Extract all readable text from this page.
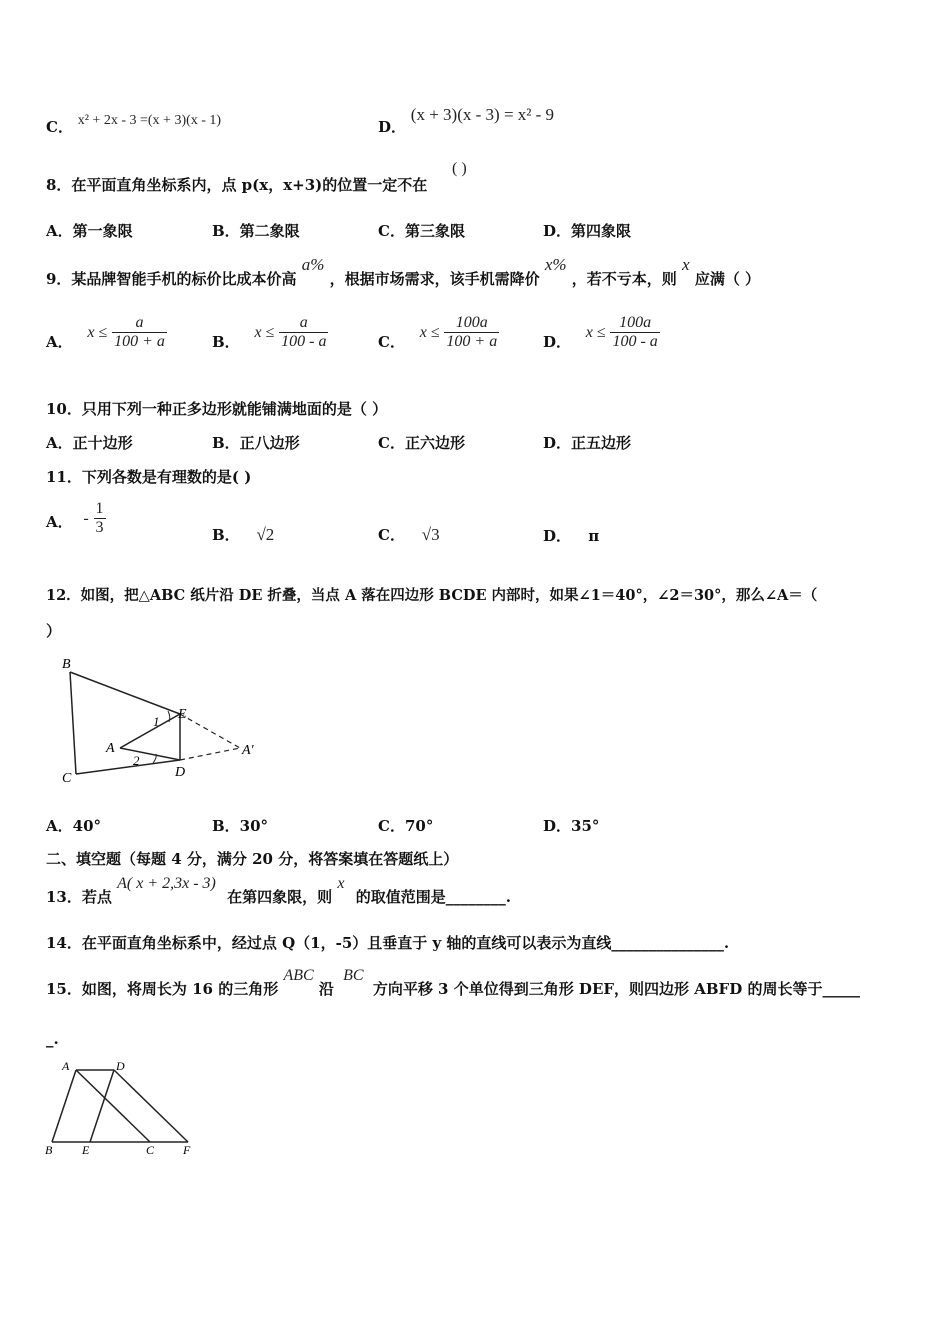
C． x² + 2x - 3 =(x + 3)(x - 1)	D． (x + 3)(x - 3) = x² - 9
8．在平面直角坐标系内，点 p(x，x+3)的位置一定不在
( )
A．第一象限	B．第二象限	C．第三象限	D．第四象限
9．某品牌智能手机的标价比成本价高 a% ，根据市场需求，该手机需降价 x% ，若不亏本，则 x 应满（ ）
A． $x \le \frac{a}{100 + a}$	B． $x \le \frac{a}{100 - a}$	C． $x \le \frac{100a}{100 + a}$	D． $x \le \frac{100a}{100 - a}$
10．只用下列一种正多边形就能铺满地面的是（ ）
A．正十边形	B．正八边形	C．正六边形	D．正五边形
11．下列各数是有理数的是( )
A． - $\frac{1}{3}$	B． √2	C． √3	D． π
12．如图，把△ABC 纸片沿 DE 折叠，当点 A 落在四边形 BCDE 内部时，如果∠1＝40°，∠2＝30°，那么∠A＝（
）
B
E
1
A	A′
2
C	D
A．40°	B．30°	C．70°	D．35°
二、填空题（每题 4 分，满分 20 分，将答案填在答题纸上）
13．若点 A( x + 2,3x - 3) 在第四象限，则 x 的取值范围是________.
14．在平面直角坐标系中，经过点 Q（1，-5）且垂直于 y 轴的直线可以表示为直线_______________.
15．如图，将周长为 16 的三角形 ABC 沿 BC 方向平移 3 个单位得到三角形 DEF，则四边形 ABFD 的周长等于_____
_.
A	D
B E	C F
